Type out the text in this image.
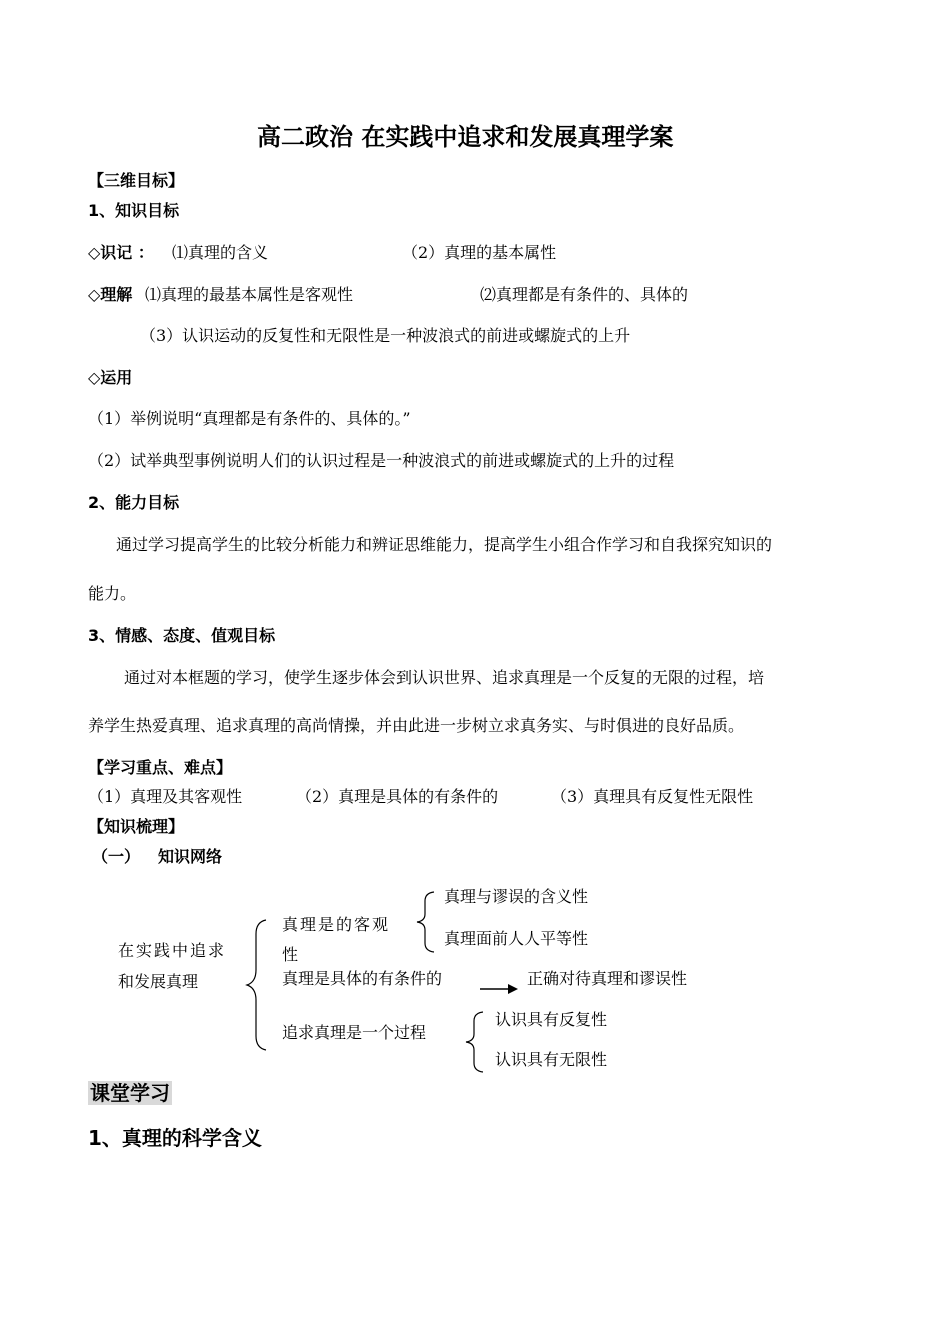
高二政治 在实践中追求和发展真理学案
【三维目标】
1、知识目标
◇识记 ： ⑴真理的含义	（2）真理的基本属性
◇理解 ⑴真理的最基本属性是客观性	⑵真理都是有条件的、具体的
（3）认识运动的反复性和无限性是一种波浪式的前进或螺旋式的上升
◇运用
（1）举例说明“真理都是有条件的、具体的。”
（2）试举典型事例说明人们的认识过程是一种波浪式的前进或螺旋式的上升的过程
2、能力目标
通过学习提高学生的比较分析能力和辨证思维能力，提高学生小组合作学习和自我探究知识的
能力。
3、情感、态度、值观目标
通过对本框题的学习，使学生逐步体会到认识世界、追求真理是一个反复的无限的过程，培
养学生热爱真理、追求真理的高尚情操，并由此进一步树立求真务实、与时俱进的良好品质。
【学习重点、难点】
（1）真理及其客观性	（2）真理是具体的有条件的	（3）真理具有反复性无限性
【知识梳理】
（一） 知识网络
在实践中追求
和发展真理
真理是的客观
性
真理与谬误的含义性
真理面前人人平等性
真理是具体的有条件的	正确对待真理和谬误性
追求真理是一个过程
认识具有反复性
认识具有无限性
课堂学习
1、真理的科学含义
